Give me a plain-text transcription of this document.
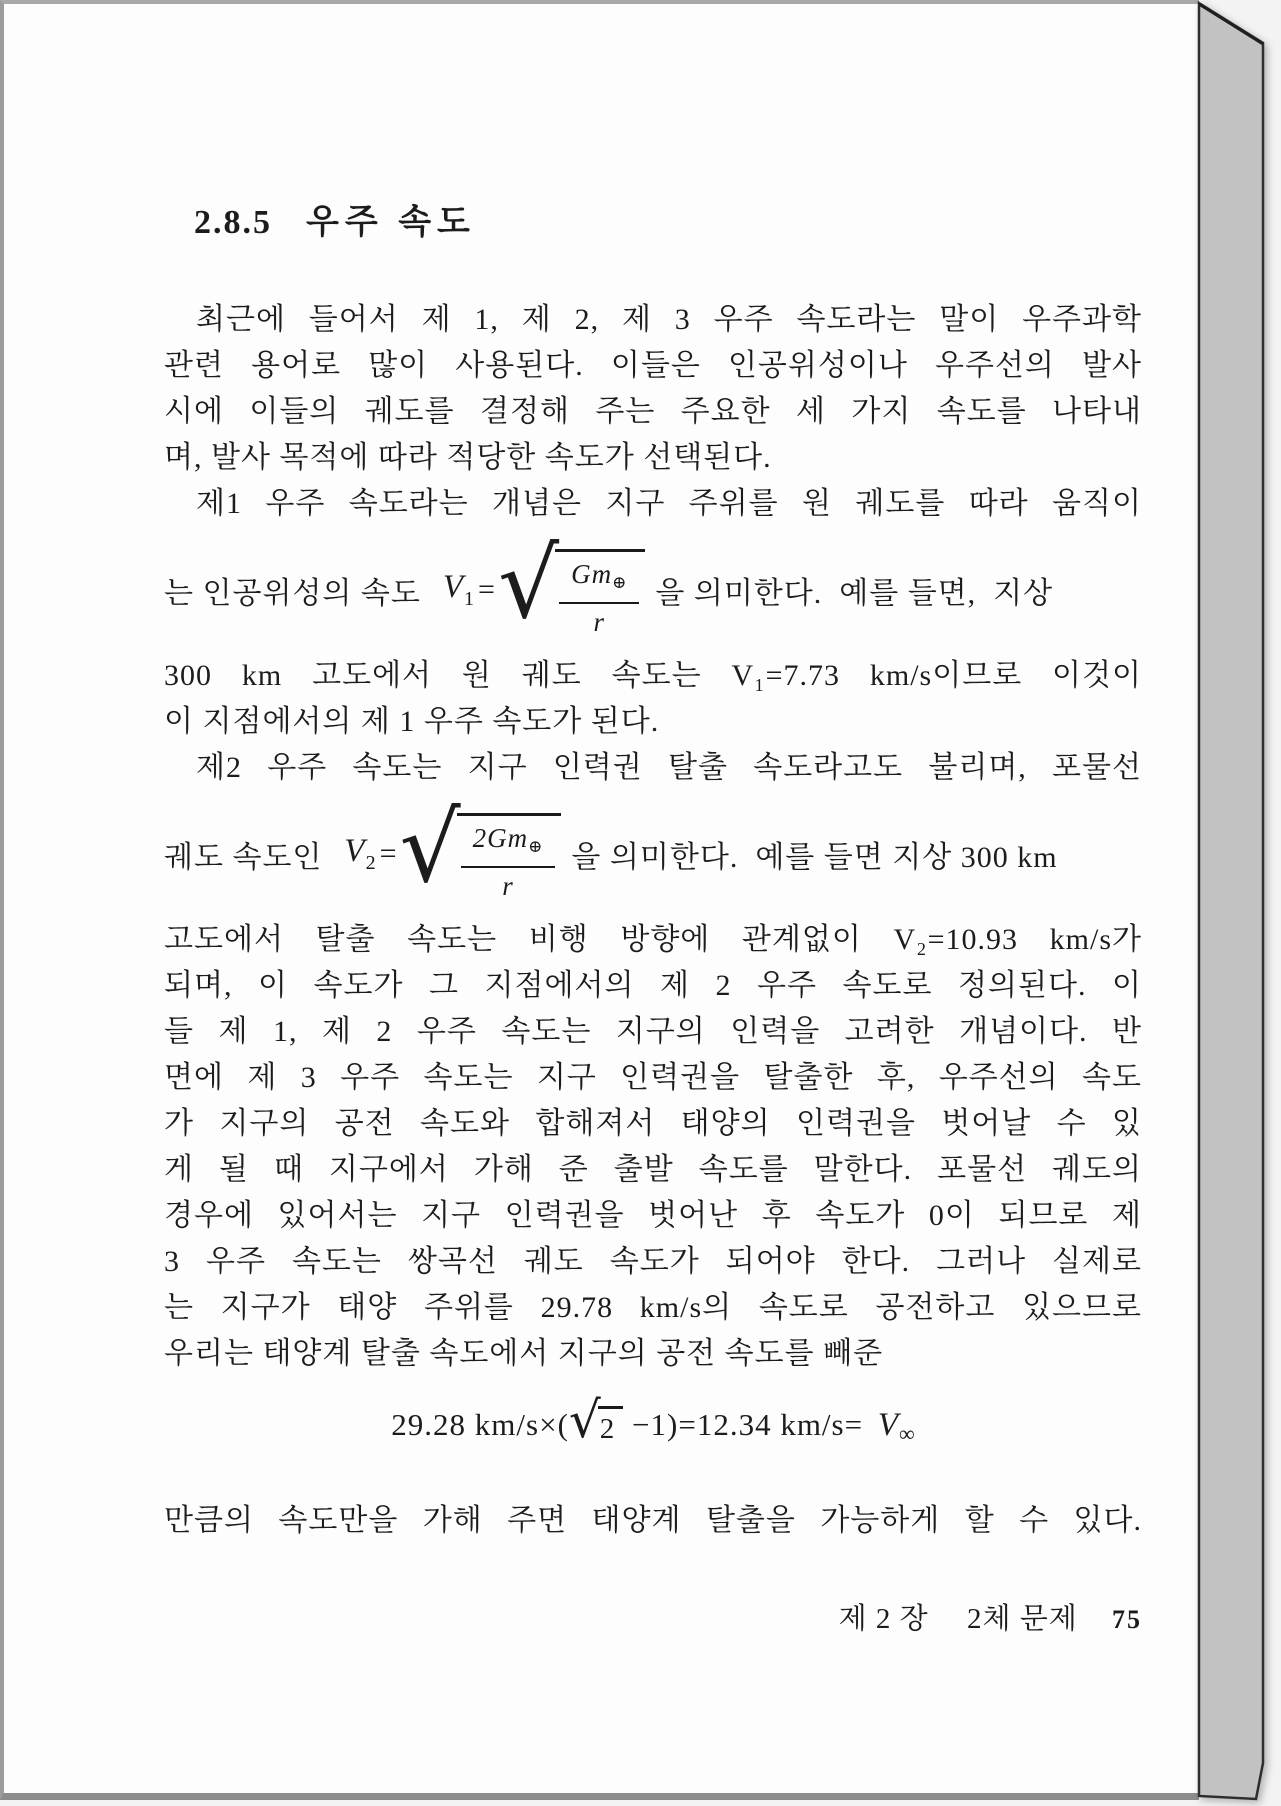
2.8.5 우주 속도
최근에 들어서 제 1, 제 2, 제 3 우주 속도라는 말이 우주과학
관련 용어로 많이 사용된다. 이들은 인공위성이나 우주선의 발사
시에 이들의 궤도를 결정해 주는 주요한 세 가지 속도를 나타내
며, 발사 목적에 따라 적당한 속도가 선택된다.
제1 우주 속도라는 개념은 지구 주위를 원 궤도를 따라 움직이
는 인공위성의 속도 $V_1$ = √ $\frac{Gm_\oplus}{r}$ 을 의미한다.  예를 들면,  지상
300 km 고도에서 원 궤도 속도는 V₁=7.73 km/s이므로 이것이
이 지점에서의 제 1 우주 속도가 된다.
제2 우주 속도는 지구 인력권 탈출 속도라고도 불리며, 포물선
궤도 속도인 $V_2$ = √ $\frac{2Gm_\oplus}{r}$ 을 의미한다.  예를 들면 지상 300 km
고도에서 탈출 속도는 비행 방향에 관계없이 V₂=10.93 km/s가
되며, 이 속도가 그 지점에서의 제 2 우주 속도로 정의된다. 이
들 제 1, 제 2 우주 속도는 지구의 인력을 고려한 개념이다. 반
면에 제 3 우주 속도는 지구 인력권을 탈출한 후, 우주선의 속도
가 지구의 공전 속도와 합해져서 태양의 인력권을 벗어날 수 있
게 될 때 지구에서 가해 준 출발 속도를 말한다. 포물선 궤도의
경우에 있어서는 지구 인력권을 벗어난 후 속도가 0이 되므로 제
3 우주 속도는 쌍곡선 궤도 속도가 되어야 한다. 그러나 실제로
는 지구가 태양 주위를 29.78 km/s의 속도로 공전하고 있으므로
우리는 태양계 탈출 속도에서 지구의 공전 속도를 빼준
29.28 km/s×( √
2 −1)=12.34 $km/s= V_\infty$
만큼의 속도만을 가해 주면 태양계 탈출을 가능하게 할 수 있다.
제 2 장 2체 문제 75
